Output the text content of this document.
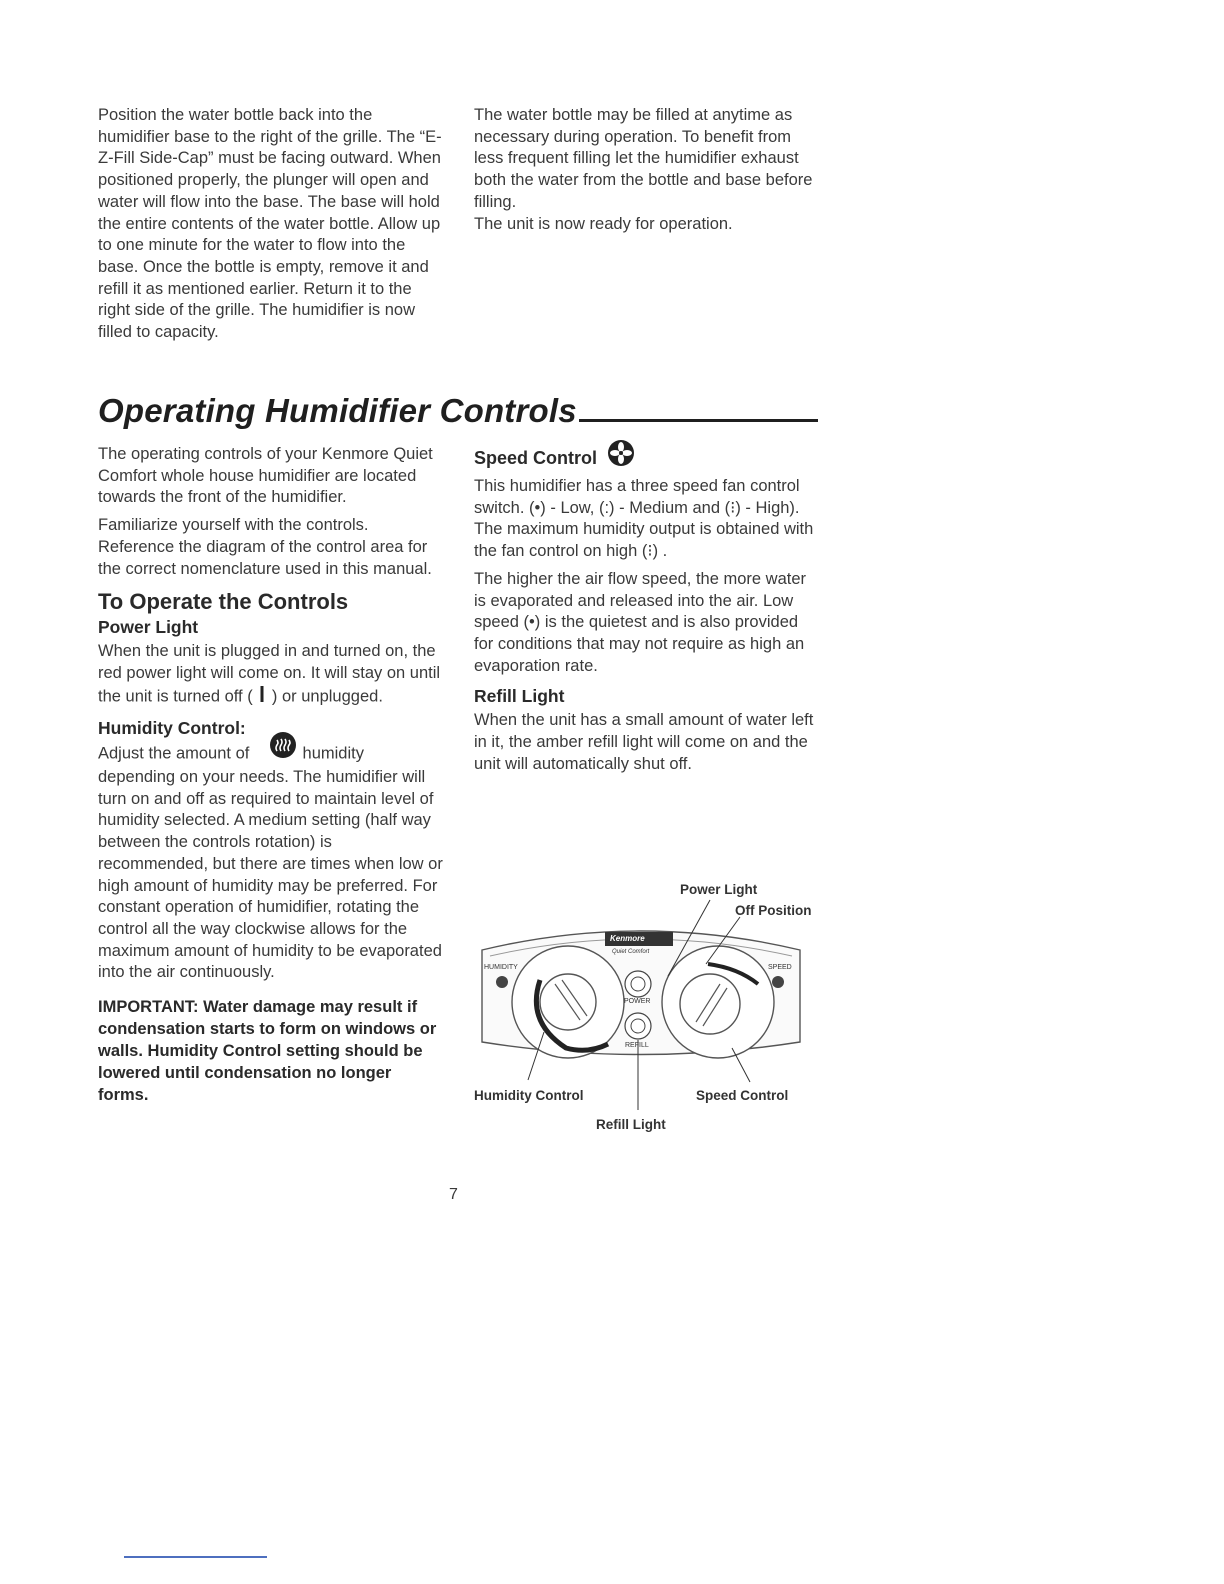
Position the water bottle back into the humidifier base to the right of the grille. The “E-Z-Fill Side-Cap” must be facing outward. When positioned properly, the plunger will open and water will flow into the base. The base will hold the entire contents of the water bottle. Allow up to one minute for the water to flow into the base. Once the bottle is empty, remove it and refill it as mentioned earlier. Return it to the right side of the grille. The humidifier is now filled to capacity.

The water bottle may be filled at anytime as necessary during operation. To benefit from less frequent filling let the humidifier exhaust both the water from the bottle and base before filling.

The unit is now ready for operation.

Operating Humidifier Controls

The operating controls of your Kenmore Quiet Comfort whole house humidifier are located towards the front of the humidifier.

Familiarize yourself with the controls. Reference the diagram of the control area for the correct nomenclature used in this manual.

To Operate the Controls
Power Light

When the unit is plugged in and turned on, the red power light will come on. It will stay on until the unit is turned off ( ) or unplugged.

Humidity Control:

Adjust the amount of	humidity depending on your needs. The humidifier will turn on and off as required to maintain level of humidity selected. A medium setting (half way between the controls rotation) is recommended, but there are times when low or high amount of humidity may be preferred. For constant operation of humidifier, rotating the control all the way clockwise allows for the maximum amount of humidity to be evaporated into the air continuously.

IMPORTANT: Water damage may result if condensation starts to form on windows or walls. Humidity Control setting should be lowered until condensation no longer forms.

Speed Control

This humidifier has a three speed fan control switch. (•) - Low, (:) - Medium and (⁝) - High). The maximum humidity output is obtained with the fan control on high (⁝) .

The higher the air flow speed, the more water is evaporated and released into the air. Low speed (•) is the quietest and is also provided for conditions that may not require as high an evaporation rate.

Refill Light

When the unit has a small amount of water left in it, the amber refill light will come on and the unit will automatically shut off.

Power Light
Off Position
Humidity Control	Speed Control
Refill Light
HUMIDITY	SPEED
POWER
REFILL
Kenmore
Quiet Comfort
7
